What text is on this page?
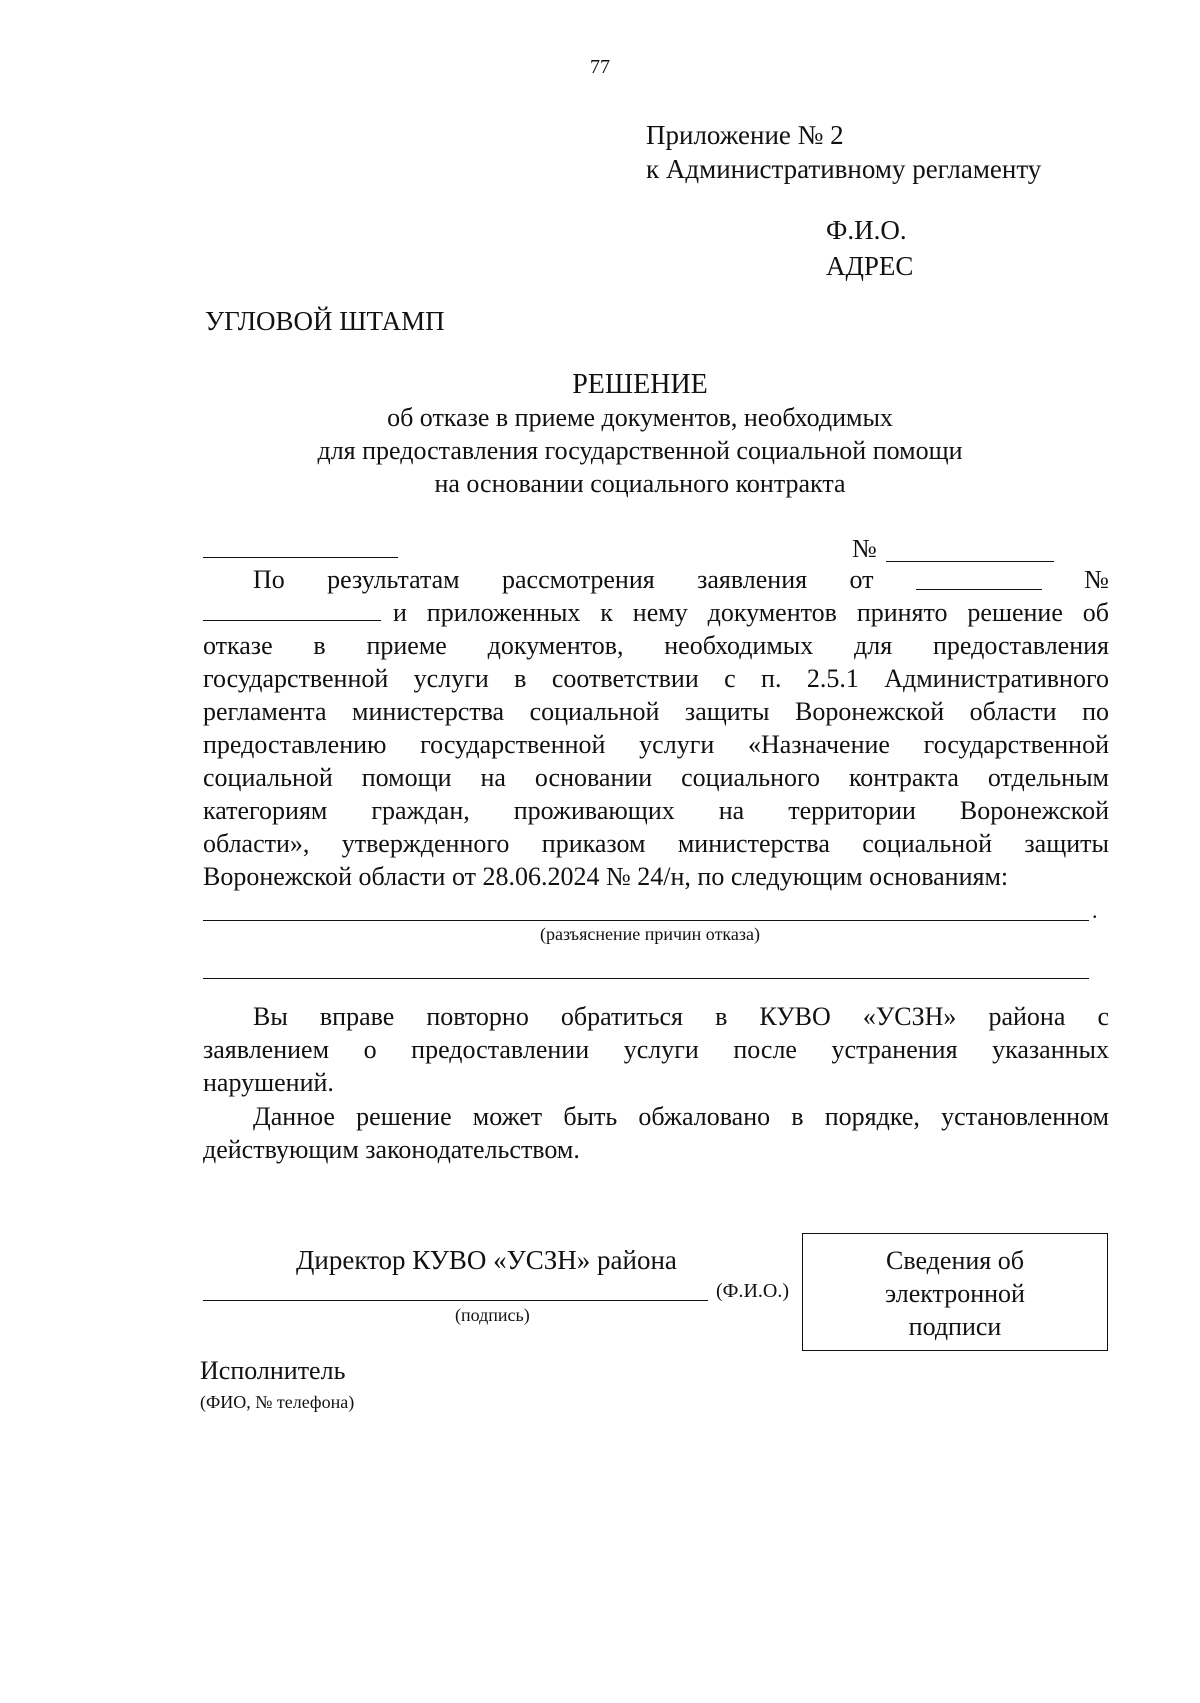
77
Приложение № 2
к Административному регламенту
Ф.И.О.
АДРЕС
УГЛОВОЙ ШТАМП
РЕШЕНИЕ
об отказе в приеме документов, необходимых
для предоставления государственной социальной помощи
на основании социального контракта
№
По результатам рассмотрения заявления от	№
и приложенных к нему документов принято решение об
отказе в приеме документов, необходимых для предоставления
государственной услуги в соответствии с п. 2.5.1 Административного
регламента министерства социальной защиты Воронежской области по
предоставлению государственной услуги «Назначение государственной
социальной помощи на основании социального контракта отдельным
категориям граждан, проживающих на территории Воронежской
области», утвержденного приказом министерства социальной защиты
Воронежской области от 28.06.2024 № 24/н, по следующим основаниям:
.
(разъяснение причин отказа)
Вы вправе повторно обратиться в КУВО «УСЗН» района с
заявлением о предоставлении услуги после устранения указанных
нарушений.
Данное решение может быть обжаловано в порядке, установленном
действующим законодательством.
Директор КУВО «УСЗН» района
(Ф.И.О.)
(подпись)
Сведения об
электронной
подписи
Исполнитель
(ФИО, № телефона)
